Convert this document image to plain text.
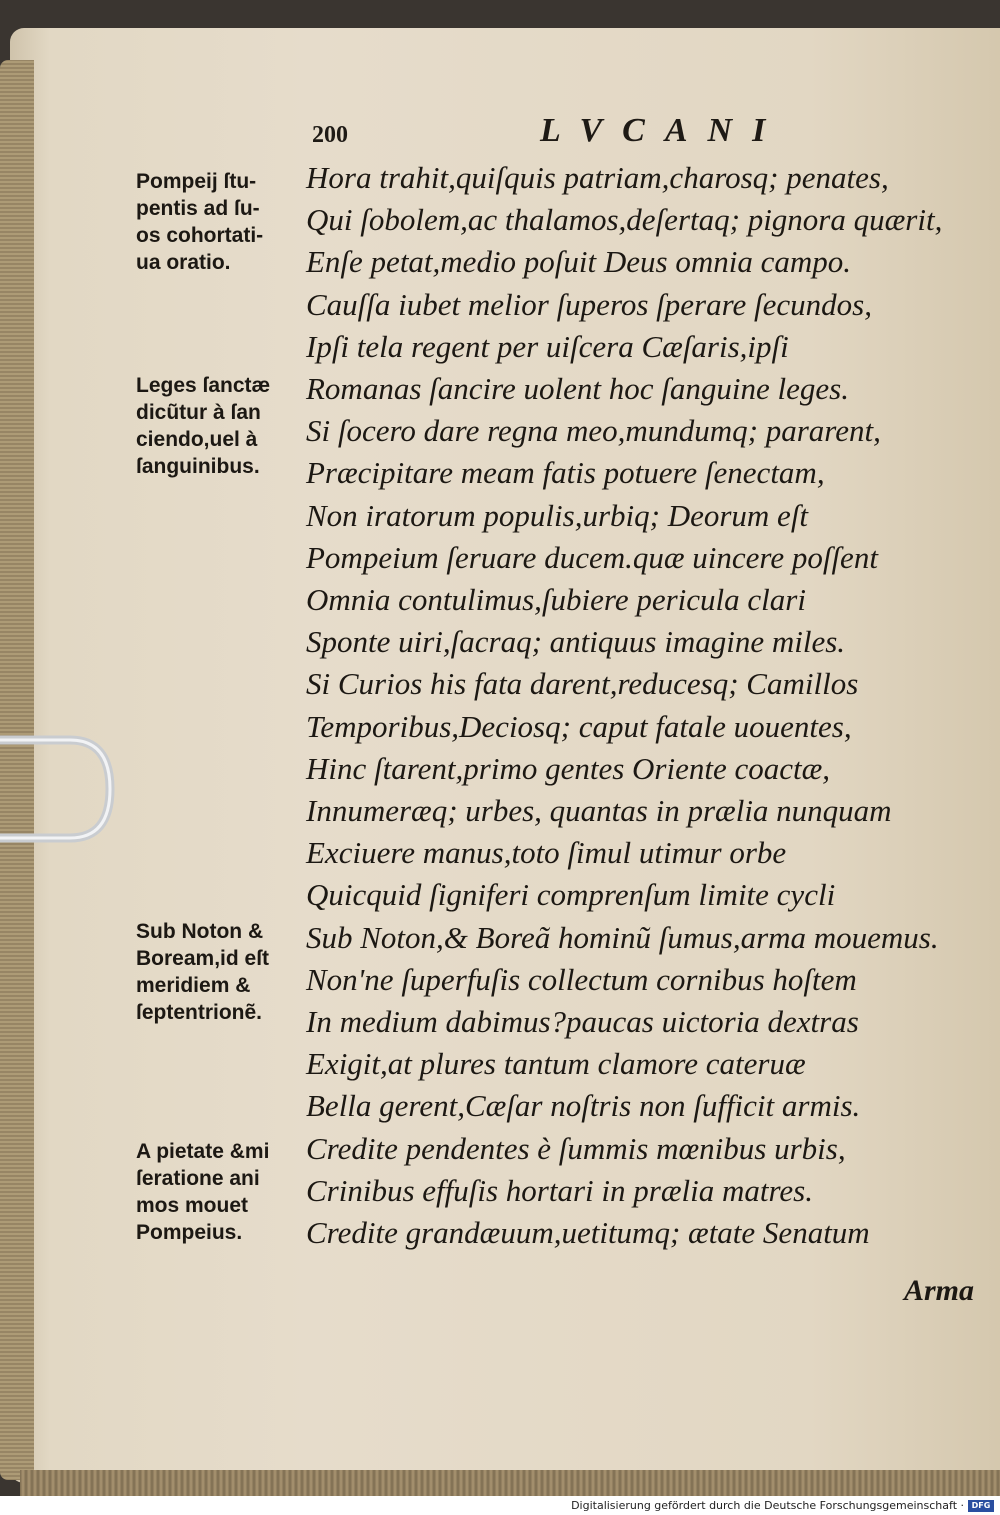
200	LVCANI
Hora trahit,quiſquis patriam,charosq; penates,
Qui ſobolem,ac thalamos,deſertaq; pignora quærit,
Enſe petat,medio poſuit Deus omnia campo.
Cauſſa iubet melior ſuperos ſperare ſecundos,
Ipſi tela regent per uiſcera Cæſaris,ipſi
Romanas ſancire uolent hoc ſanguine leges.
Si ſocero dare regna meo,mundumq; pararent,
Præcipitare meam fatis potuere ſenectam,
Non iratorum populis,urbiq; Deorum eſt
Pompeium ſeruare ducem.quæ uincere poſſent
Omnia contulimus,ſubiere pericula clari
Sponte uiri,ſacraq; antiquus imagine miles.
Si Curios his fata darent,reducesq; Camillos
Temporibus,Deciosq; caput fatale uouentes,
Hinc ſtarent,primo gentes Oriente coactæ,
Innumeræq; urbes, quantas in prælia nunquam
Exciuere manus,toto ſimul utimur orbe
Quicquid ſigniferi comprenſum limite cycli
Sub Noton,& Boreã hominũ ſumus,arma mouemus.
Non'ne ſuperfuſis collectum cornibus hoſtem
In medium dabimus?paucas uictoria dextras
Exigit,at plures tantum clamore cateruæ
Bella gerent,Cæſar noſtris non ſufficit armis.
Credite pendentes è ſummis mœnibus urbis,
Crinibus effuſis hortari in prælia matres.
Credite grandæuum,uetitumq; ætate Senatum
Pompeij ſtu-
pentis ad ſu-
os cohortati-
ua oratio.
Leges ſanctæ
dicũtur à ſan
ciendo,uel à
ſanguinibus.
Sub Noton &
Boream,id eſt
meridiem &
ſeptentrionẽ.
A pietate &mi
ſeratione ani
mos mouet
Pompeius.
Arma
Digitalisierung gefördert durch die Deutsche Forschungsgemeinschaft · DFG
